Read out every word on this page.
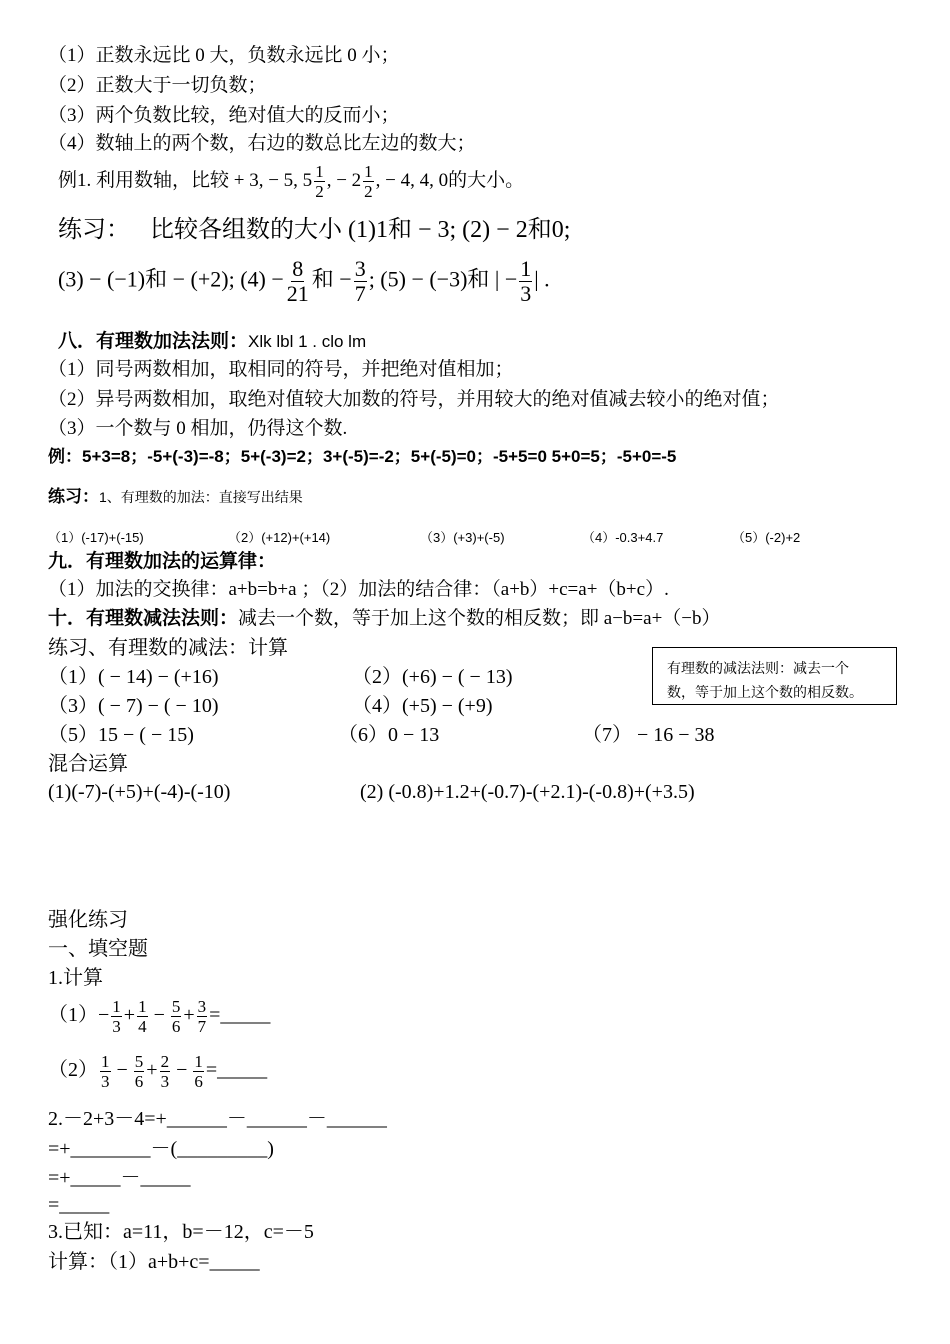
（1）正数永远比 0 大，负数永远比 0 小；
（2）正数大于一切负数；
（3）两个负数比较，绝对值大的反而小；
（4）数轴上的两个数，右边的数总比左边的数大；
例1. 利用数轴，比较 + 3, − 5, $5 \frac{1}{2}$ , − $2 \frac{1}{2}$ , − 4, 4, 0的大小。
练习： 比较各组数的大小 (1)1和 − 3; (2) − 2和0;
(3) − (−1)和 − (+2); $(4) - \frac{8}{21}$ 和 − $\frac{3}{7}$ ; (5) − (−3)和 | − $\frac{1}{3}$ | .
八．有理数加法法则：Xlk lbl 1 . clo lm
（1）同号两数相加，取相同的符号，并把绝对值相加；
（2）异号两数相加，取绝对值较大加数的符号，并用较大的绝对值减去较小的绝对值；
（3）一个数与 0 相加，仍得这个数.
例：5+3=8；-5+(-3)=-8；5+(-3)=2；3+(-5)=-2；5+(-5)=0；-5+5=0 5+0=5；-5+0=-5
练习：1、有理数的加法：直接写出结果
（1）(-17)+(-15)	（2）(+12)+(+14)	（3）(+3)+(-5)	（4）-0.3+4.7	（5）(-2)+2
九．有理数加法的运算律：
（1）加法的交换律：a+b=b+a ；（2）加法的结合律：（a+b）+c=a+（b+c）.
十．有理数减法法则：减去一个数，等于加上这个数的相反数；即 a−b=a+（−b）
练习、有理数的减法：计算
（1）( − 14) − (+16)	（2）(+6) − ( − 13)
（3）( − 7) − ( − 10)	（4）(+5) − (+9)
（5）15 − ( − 15)	（6）0 − 13	（7） − 16 − 38
有理数的减法法则：减去一个
数，等于加上这个数的相反数。
混合运算
(1)(-7)-(+5)+(-4)-(-10)	(2) (-0.8)+1.2+(-0.7)-(+2.1)-(-0.8)+(+3.5)
强化练习
一、填空题
1.计算
$(1)- \frac{1}{3} + \frac{1}{4} - \frac{5}{6} + \frac{3}{7}$ =_____
$(2) \frac{1}{3} - \frac{5}{6} + \frac{2}{3} - \frac{1}{6}$ =_____
2.－2+3－4=+______－______－______
=+________－(_________)
=+_____－_____
=_____
3.已知：a=11，b=－12，c=－5
计算：（1）a+b+c=_____
